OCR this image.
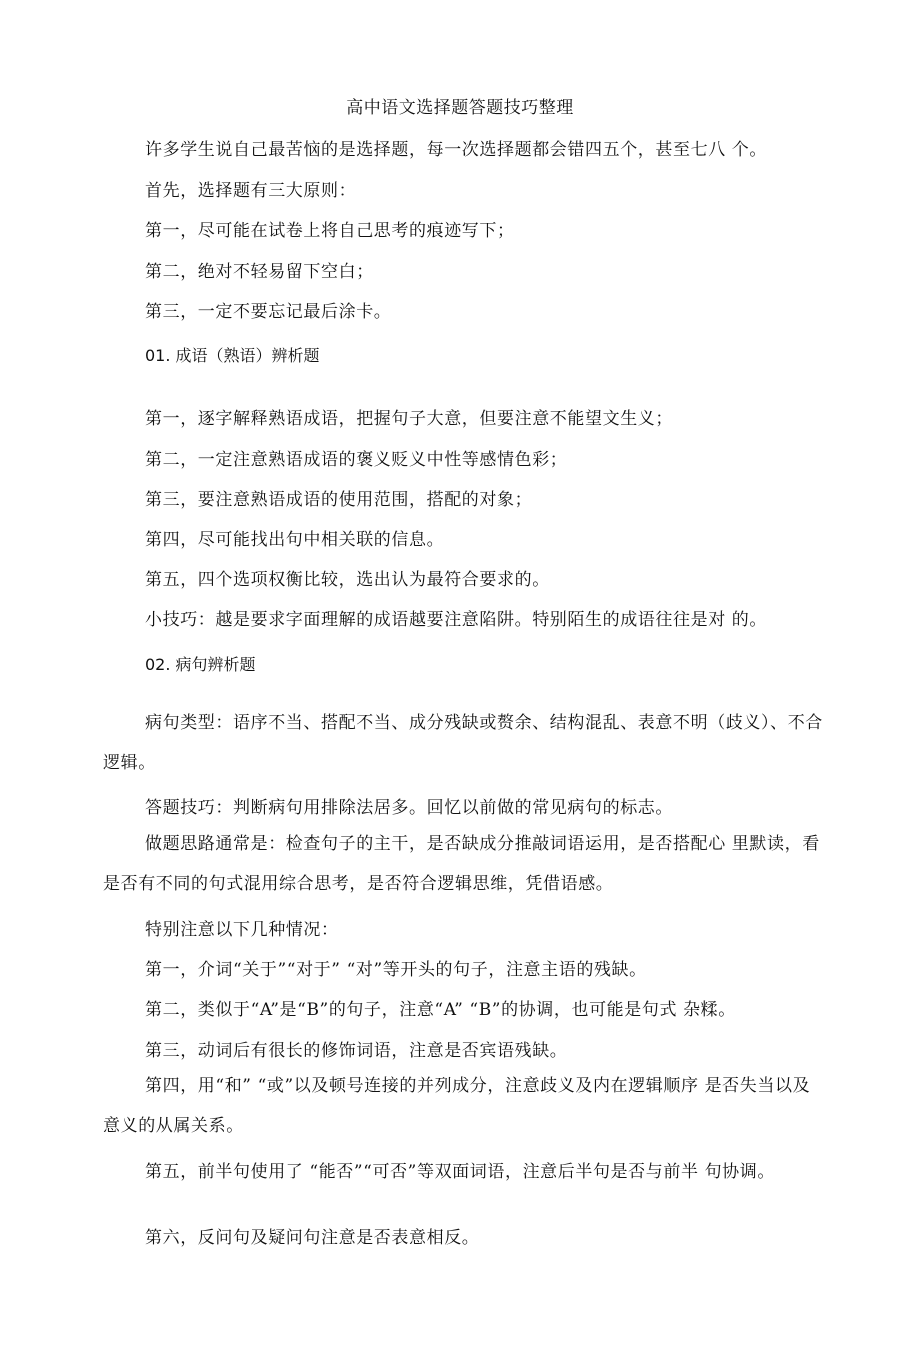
高中语文选择题答题技巧整理
许多学生说自己最苦恼的是选择题，每一次选择题都会错四五个，甚至七八 个。
首先，选择题有三大原则：
第一，尽可能在试卷上将自己思考的痕迹写下；
第二，绝对不轻易留下空白；
第三，一定不要忘记最后涂卡。
01. 成语（熟语）辨析题
第一，逐字解释熟语成语，把握句子大意，但要注意不能望文生义；
第二，一定注意熟语成语的褒义贬义中性等感情色彩；
第三，要注意熟语成语的使用范围，搭配的对象；
第四，尽可能找出句中相关联的信息。
第五，四个选项权衡比较，选出认为最符合要求的。
小技巧：越是要求字面理解的成语越要注意陷阱。特别陌生的成语往往是对 的。
02. 病句辨析题
病句类型：语序不当、搭配不当、成分残缺或赘余、结构混乱、表意不明（歧义）、不合逻辑。
答题技巧：判断病句用排除法居多。回忆以前做的常见病句的标志。
做题思路通常是：检查句子的主干，是否缺成分推敲词语运用，是否搭配心 里默读，看是否有不同的句式混用综合思考，是否符合逻辑思维，凭借语感。
特别注意以下几种情况：
第一，介词“关于”“对于” “对”等开头的句子，注意主语的残缺。
第二，类似于“A”是“B”的句子，注意“A” “B”的协调，也可能是句式 杂糅。
第三，动词后有很长的修饰词语，注意是否宾语残缺。
第四，用“和” “或”以及顿号连接的并列成分，注意歧义及内在逻辑顺序 是否失当以及意义的从属关系。
第五，前半句使用了 “能否”“可否”等双面词语，注意后半句是否与前半 句协调。
第六，反问句及疑问句注意是否表意相反。
